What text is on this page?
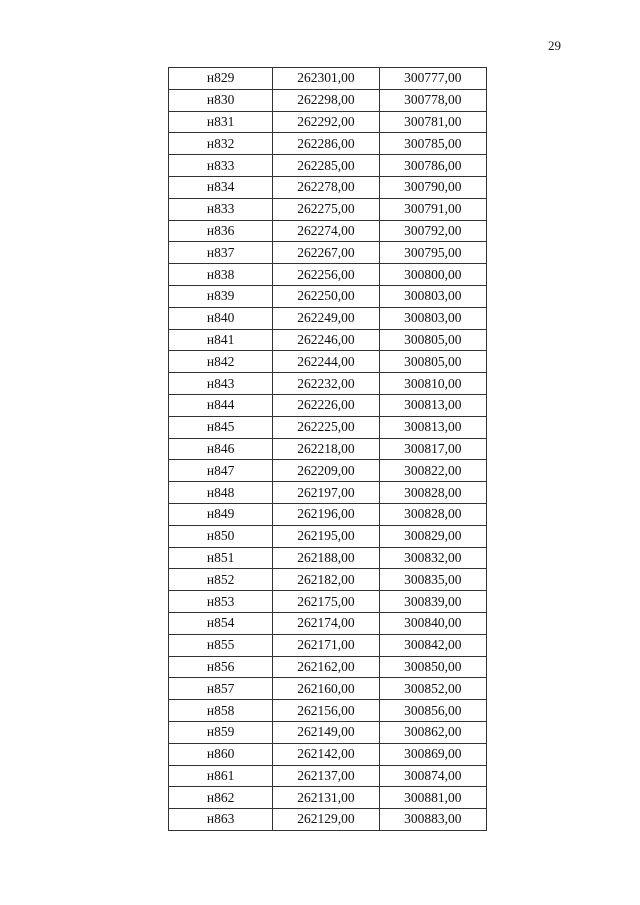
29
н829	262301,00	300777,00
н830	262298,00	300778,00
н831	262292,00	300781,00
н832	262286,00	300785,00
н833	262285,00	300786,00
н834	262278,00	300790,00
н833	262275,00	300791,00
н836	262274,00	300792,00
н837	262267,00	300795,00
н838	262256,00	300800,00
н839	262250,00	300803,00
н840	262249,00	300803,00
н841	262246,00	300805,00
н842	262244,00	300805,00
н843	262232,00	300810,00
н844	262226,00	300813,00
н845	262225,00	300813,00
н846	262218,00	300817,00
н847	262209,00	300822,00
н848	262197,00	300828,00
н849	262196,00	300828,00
н850	262195,00	300829,00
н851	262188,00	300832,00
н852	262182,00	300835,00
н853	262175,00	300839,00
н854	262174,00	300840,00
н855	262171,00	300842,00
н856	262162,00	300850,00
н857	262160,00	300852,00
н858	262156,00	300856,00
н859	262149,00	300862,00
н860	262142,00	300869,00
н861	262137,00	300874,00
н862	262131,00	300881,00
н863	262129,00	300883,00
